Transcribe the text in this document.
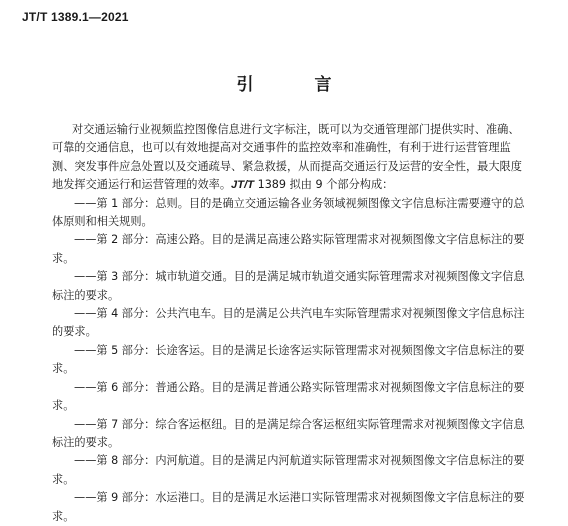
JT/T 1389.1—2021
引　言

对交通运输行业视频监控图像信息进行文字标注，既可以为交通管理部门提供实时、准确、可靠的交通信息，也可以有效地提高对交通事件的监控效率和准确性，有利于进行运营管理监测、突发事件应急处置以及交通疏导、紧急救援，从而提高交通运行及运营的安全性，最大限度地发挥交通运行和运营管理的效率。JT/T 1389 拟由 9 个部分构成：

——第 1 部分：总则。目的是确立交通运输各业务领域视频图像文字信息标注需要遵守的总体原则和相关规则。

——第 2 部分：高速公路。目的是满足高速公路实际管理需求对视频图像文字信息标注的要求。

——第 3 部分：城市轨道交通。目的是满足城市轨道交通实际管理需求对视频图像文字信息标注的要求。

——第 4 部分：公共汽电车。目的是满足公共汽电车实际管理需求对视频图像文字信息标注的要求。

——第 5 部分：长途客运。目的是满足长途客运实际管理需求对视频图像文字信息标注的要求。

——第 6 部分：普通公路。目的是满足普通公路实际管理需求对视频图像文字信息标注的要求。

——第 7 部分：综合客运枢纽。目的是满足综合客运枢纽实际管理需求对视频图像文字信息标注的要求。

——第 8 部分：内河航道。目的是满足内河航道实际管理需求对视频图像文字信息标注的要求。

——第 9 部分：水运港口。目的是满足水运港口实际管理需求对视频图像文字信息标注的要求。
